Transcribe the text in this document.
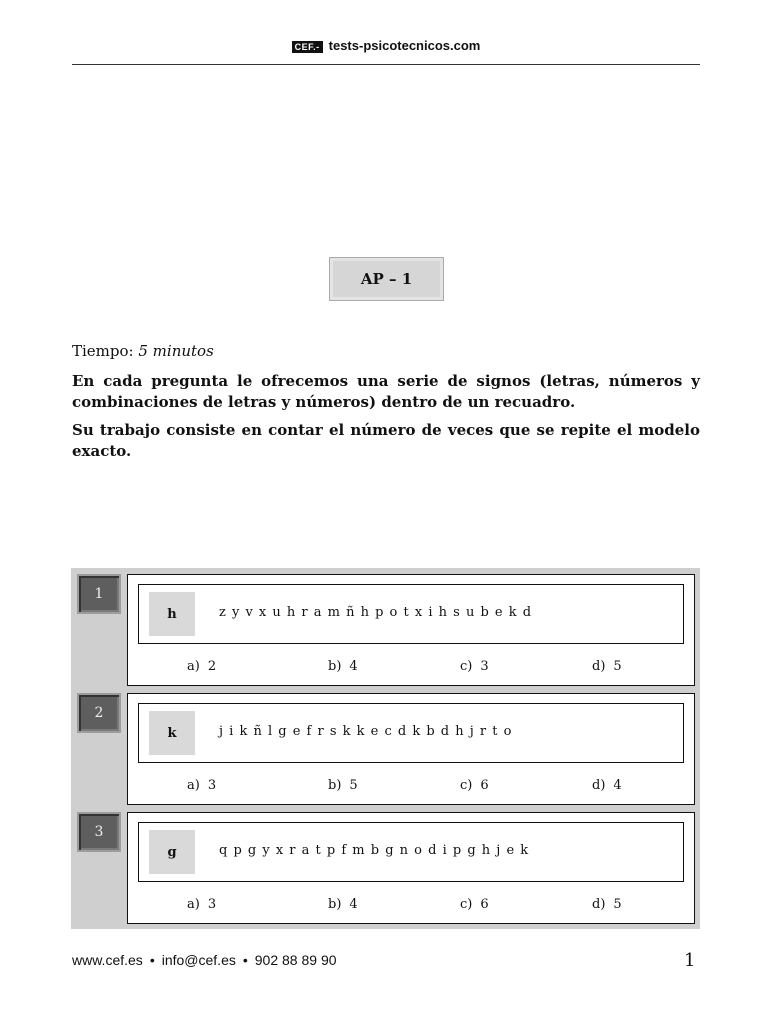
CEF.- tests-psicotecnicos.com
AP – 1
Tiempo: 5 minutos
En cada pregunta le ofrecemos una serie de signos (letras, números y combinaciones de letras y números) dentro de un recuadro.
Su trabajo consiste en contar el número de veces que se repite el modelo exacto.
1
h	z y v x u h r a m ñ h p o t x i h s u b e k d
a) 2	b) 4	c) 3	d) 5
2
k	j i k ñ l g e f r s k k e c d k b d h j r t o
a) 3	b) 5	c) 6	d) 4
3
g	q p g y x r a t p f m b g n o d i p g h j e k
a) 3	b) 4	c) 6	d) 5
www.cef.es • info@cef.es • 902 88 89 90	1
